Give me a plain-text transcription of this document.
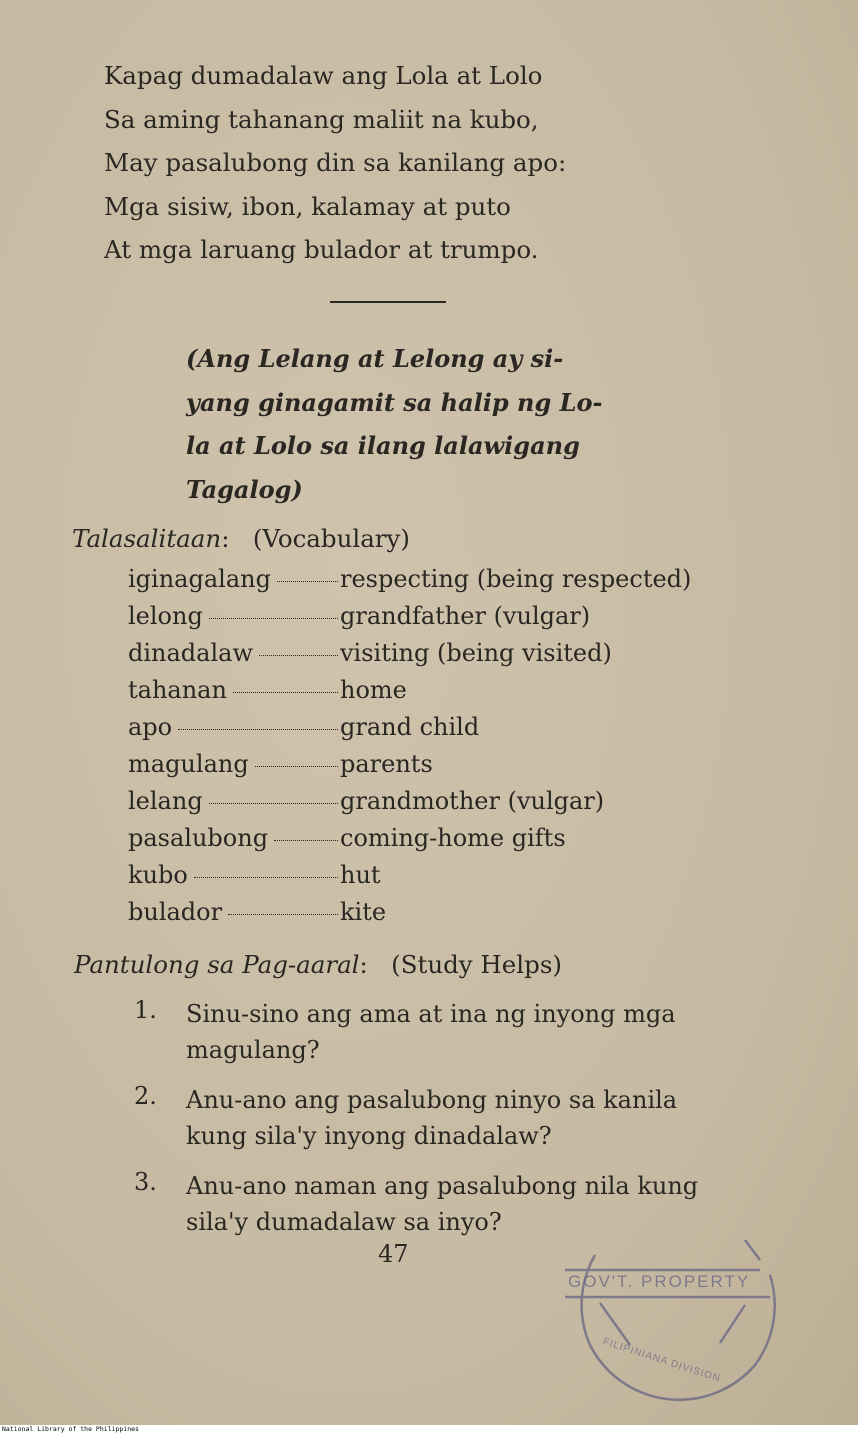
Kapag dumadalaw ang Lola at Lolo
Sa aming tahanang maliit na kubo,
May pasalubong din sa kanilang apo:
Mga sisiw, ibon, kalamay at puto
At mga laruang bulador at trumpo.
(Ang Lelang at Lelong ay si-
yang ginagamit sa halip ng Lo-
la at Lolo sa ilang lalawigang
Tagalog)
Talasalitaan:   (Vocabulary)
iginagalang	respecting (being respected)
lelong	grandfather (vulgar)
dinadalaw	visiting (being visited)
tahanan	home
apo	grand child
magulang	parents
lelang	grandmother (vulgar)
pasalubong	coming-home gifts
kubo	hut
bulador	kite
Pantulong sa Pag-aaral:   (Study Helps)
1. Sinu-sino ang ama at ina ng inyong mga magulang?
2. Anu-ano ang pasalubong ninyo sa kanila kung sila'y inyong dinadalaw?
3. Anu-ano naman ang pasalubong nila kung sila'y dumadalaw sa inyo?
47
GOV'T. PROPERTY
FILIPINIANA DIVISION
National Library of the Philippines
